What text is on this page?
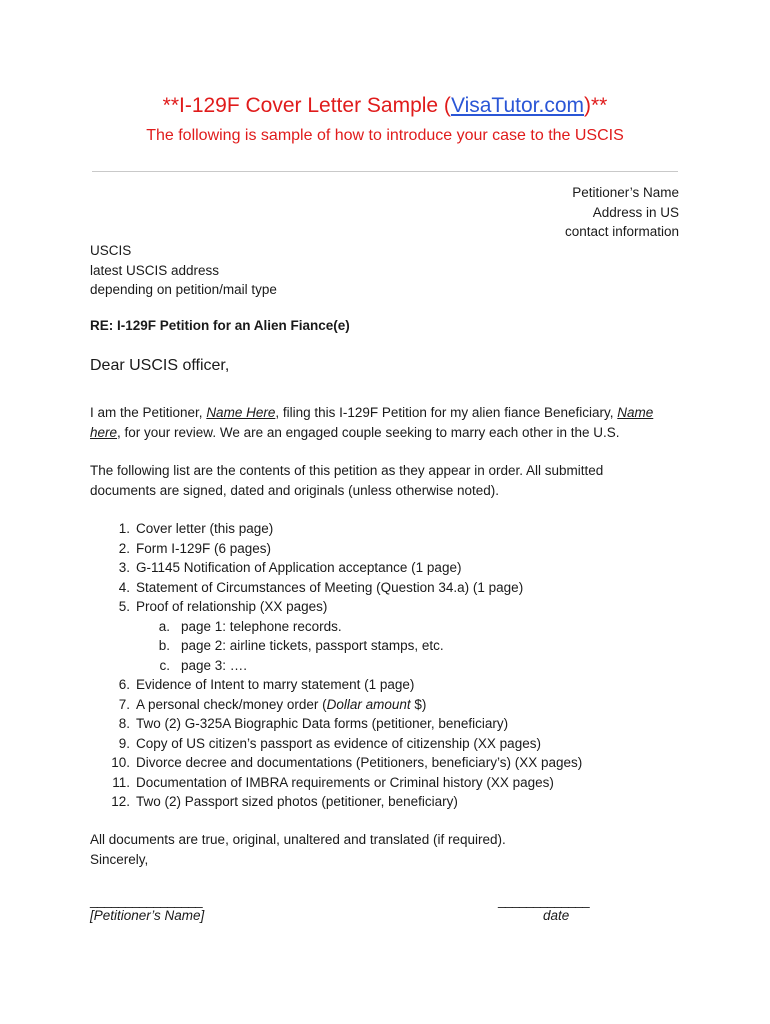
**I-129F Cover Letter Sample (VisaTutor.com)**
The following is sample of how to introduce your case to the USCIS
Petitioner’s Name
Address in US
contact information
USCIS
latest USCIS address
depending on petition/mail type
RE: I-129F Petition for an Alien Fiance(e)
Dear USCIS officer,
I am the Petitioner, Name Here, filing this I-129F Petition for my alien fiance Beneficiary, Name
here, for your review. We are an engaged couple seeking to marry each other in the U.S.
The following list are the contents of this petition as they appear in order. All submitted
documents are signed, dated and originals (unless otherwise noted).
1. Cover letter (this page)
2. Form I-129F (6 pages)
3. G-1145 Notification of Application acceptance (1 page)
4. Statement of Circumstances of Meeting (Question 34.a) (1 page)
5. Proof of relationship (XX pages)
a. page 1: telephone records.
b. page 2: airline tickets, passport stamps, etc.
c. page 3: ….
6. Evidence of Intent to marry statement (1 page)
7. A personal check/money order (Dollar amount $)
8. Two (2) G-325A Biographic Data forms (petitioner, beneficiary)
9. Copy of US citizen’s passport as evidence of citizenship (XX pages)
10. Divorce decree and documentations (Petitioners, beneficiary’s) (XX pages)
11. Documentation of IMBRA requirements or Criminal history (XX pages)
12. Two (2) Passport sized photos (petitioner, beneficiary)
All documents are true, original, unaltered and translated (if required).
Sincerely,
________________	_____________
[Petitioner’s Name]	date
